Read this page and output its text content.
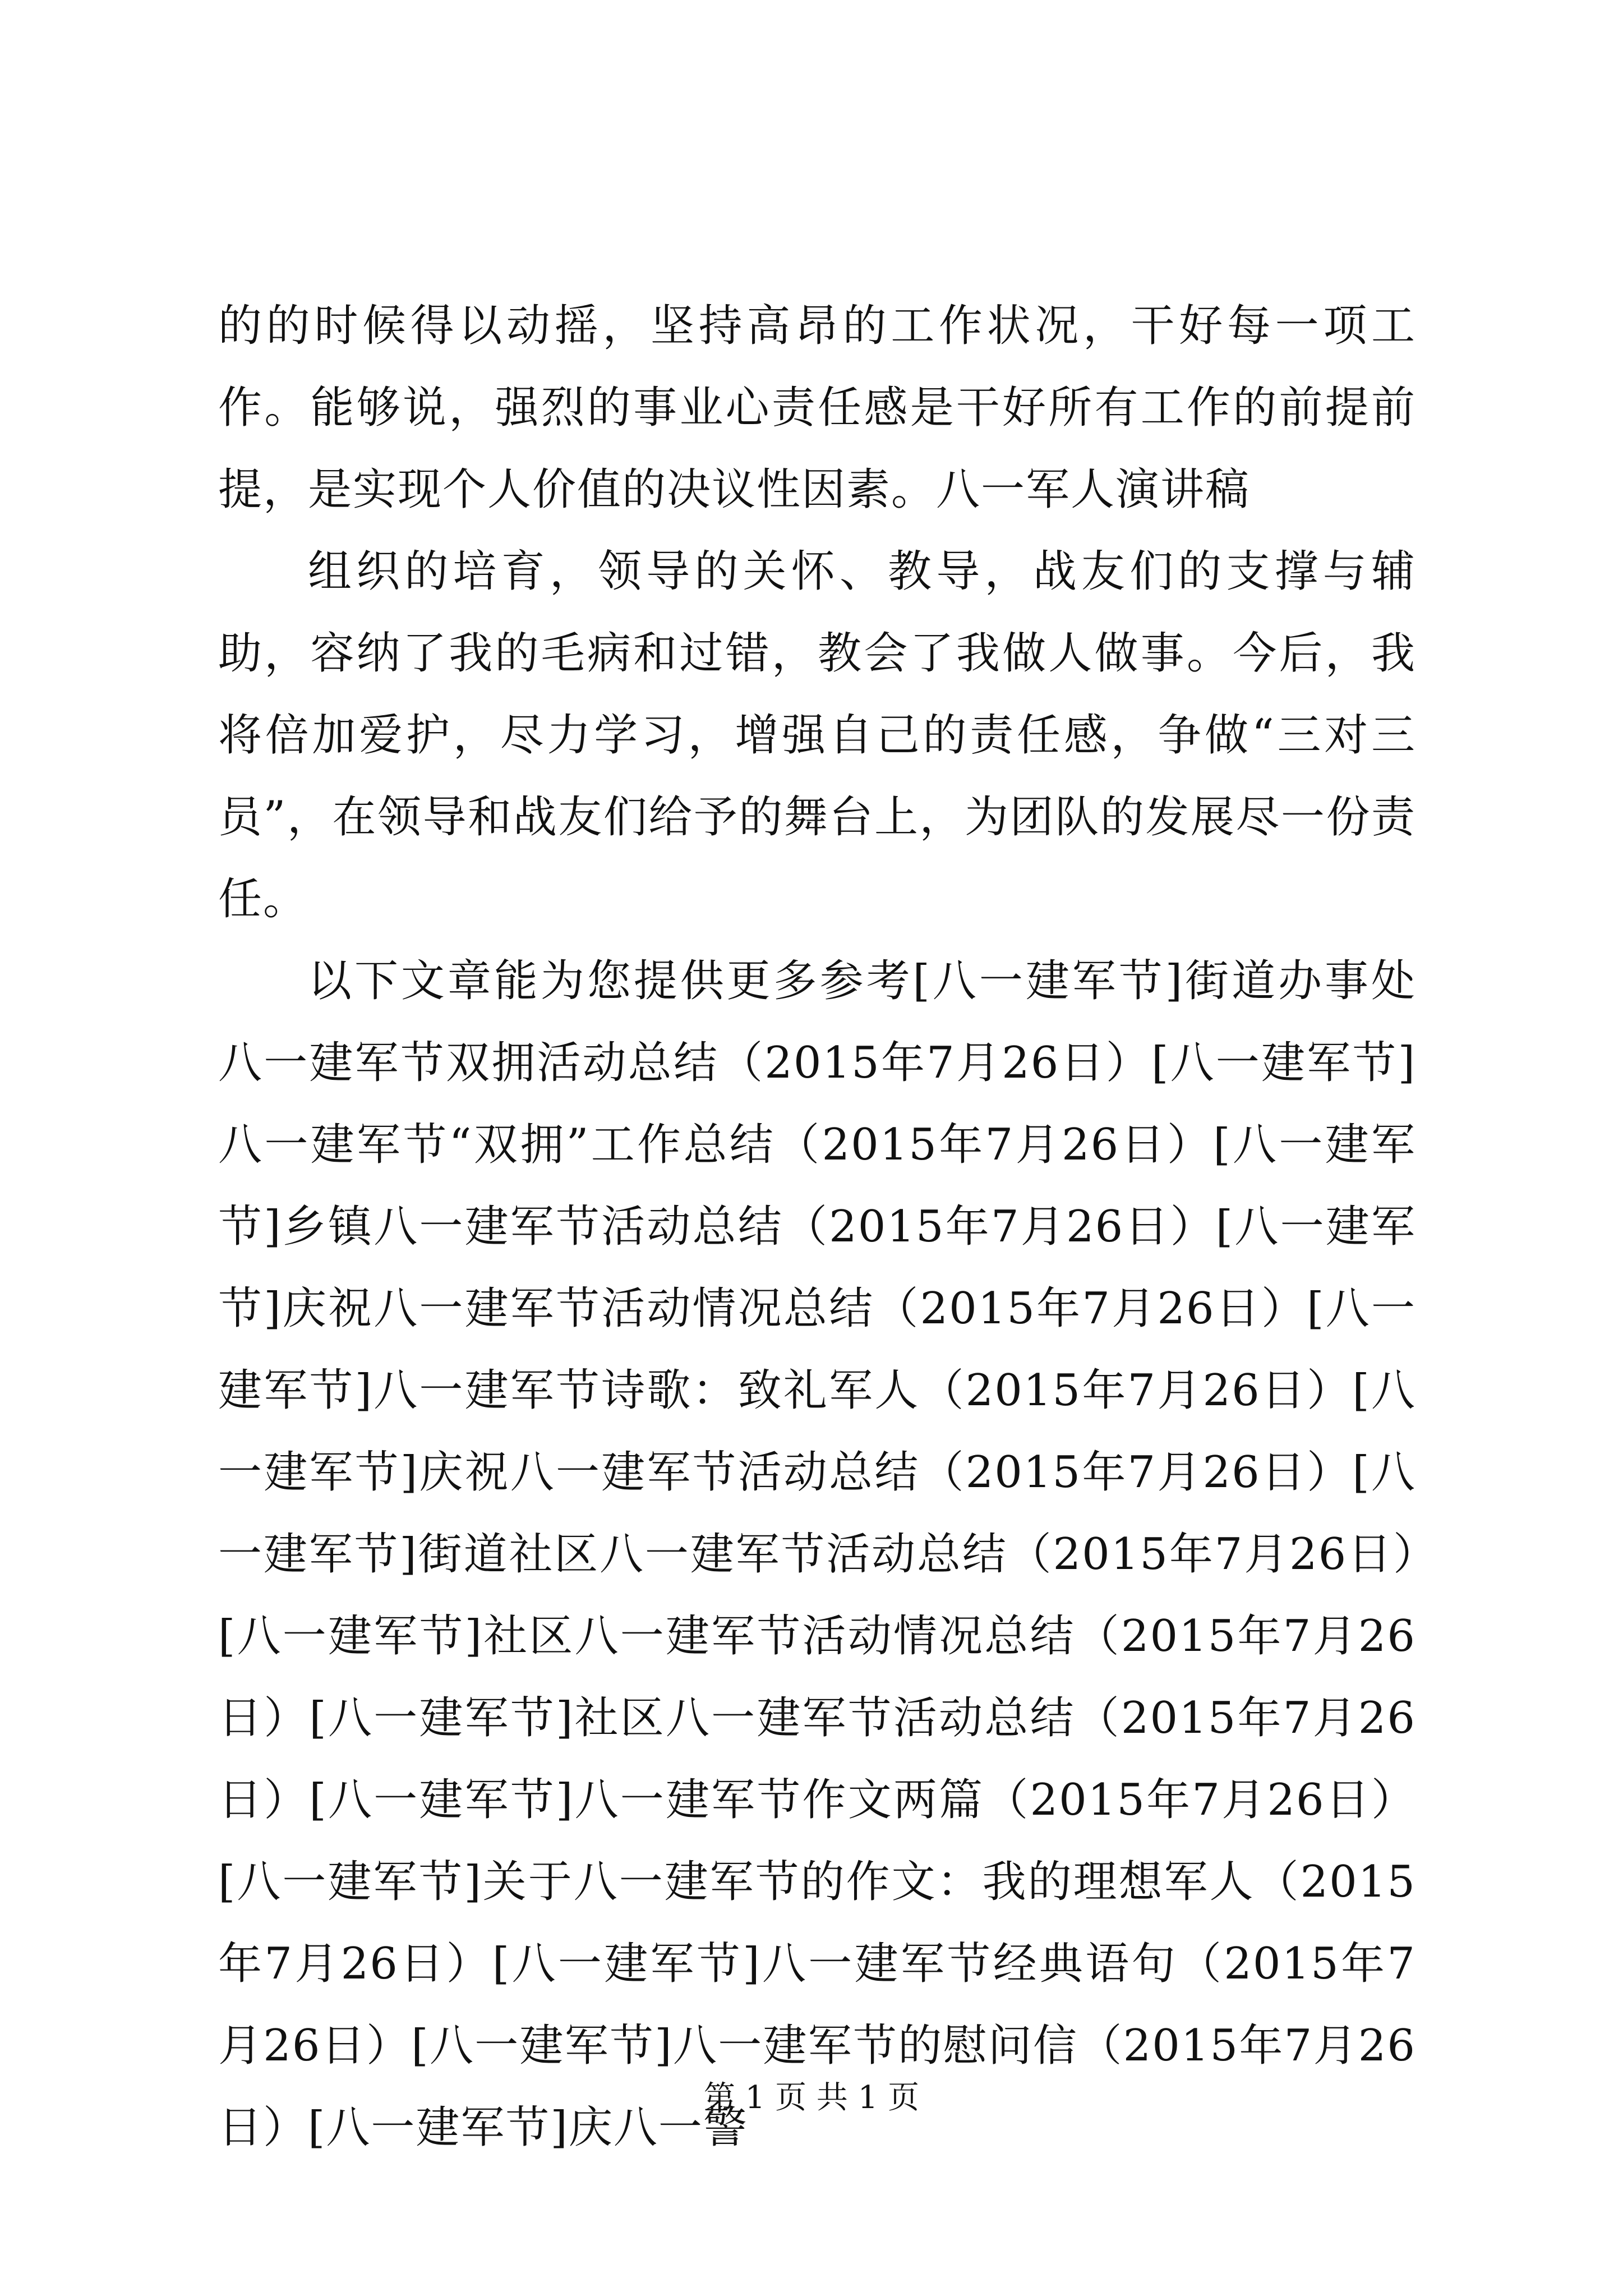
的的时候得以动摇，坚持高昂的工作状况，干好每一项工作。能够说，强烈的事业心责任感是干好所有工作的前提前提，是实现个人价值的决议性因素。八一军人演讲稿

组织的培育，领导的关怀、教导，战友们的支撑与辅助，容纳了我的毛病和过错，教会了我做人做事。今后，我将倍加爱护，尽力学习，增强自己的责任感，争做“三对三员”，在领导和战友们给予的舞台上，为团队的发展尽一份责任。

以下文章能为您提供更多参考[八一建军节]街道办事处八一建军节双拥活动总结（2015年7月26日）[八一建军节]八一建军节“双拥”工作总结（2015年7月26日）[八一建军节]乡镇八一建军节活动总结（2015年7月26日）[八一建军节]庆祝八一建军节活动情况总结（2015年7月26日）[八一建军节]八一建军节诗歌：致礼军人（2015年7月26日）[八一建军节]庆祝八一建军节活动总结（2015年7月26日）[八一建军节]街道社区八一建军节活动总结（2015年7月26日）[八一建军节]社区八一建军节活动情况总结（2015年7月26日）[八一建军节]社区八一建军节活动总结（2015年7月26日）[八一建军节]八一建军节作文两篇（2015年7月26日）[八一建军节]关于八一建军节的作文：我的理想军人（2015年7月26日）[八一建军节]八一建军节经典语句（2015年7月26日）[八一建军节]八一建军节的慰问信（2015年7月26日）[八一建军节]庆八一警

第 1 页 共 1 页
